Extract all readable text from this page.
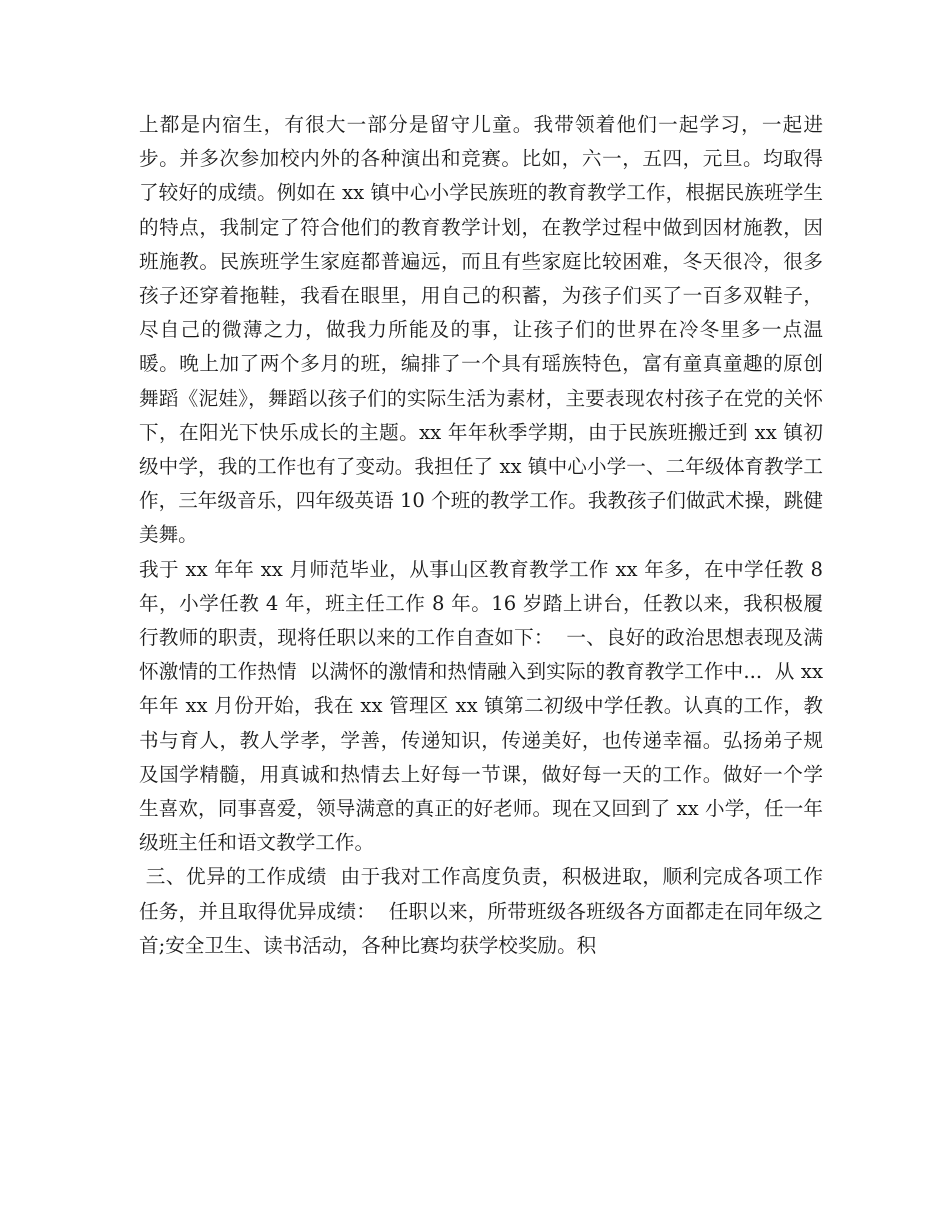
上都是内宿生，有很大一部分是留守儿童。我带领着他们一起学习，一起进步。并多次参加校内外的各种演出和竞赛。比如，六一，五四，元旦。均取得了较好的成绩。例如在 xx 镇中心小学民族班的教育教学工作，根据民族班学生的特点，我制定了符合他们的教育教学计划，在教学过程中做到因材施教，因班施教。民族班学生家庭都普遍远，而且有些家庭比较困难，冬天很冷，很多孩子还穿着拖鞋，我看在眼里，用自己的积蓄，为孩子们买了一百多双鞋子，尽自己的微薄之力，做我力所能及的事，让孩子们的世界在冷冬里多一点温暖。晚上加了两个多月的班，编排了一个具有瑶族特色，富有童真童趣的原创舞蹈《泥娃》，舞蹈以孩子们的实际生活为素材，主要表现农村孩子在党的关怀下，在阳光下快乐成长的主题。xx 年年秋季学期，由于民族班搬迁到 xx 镇初级中学，我的工作也有了变动。我担任了 xx 镇中心小学一、二年级体育教学工作，三年级音乐，四年级英语 10 个班的教学工作。我教孩子们做武术操，跳健美舞。

我于 xx 年年 xx 月师范毕业，从事山区教育教学工作 xx 年多，在中学任教 8 年，小学任教 4 年，班主任工作 8 年。16 岁踏上讲台，任教以来，我积极履行教师的职责，现将任职以来的工作自查如下：  一、良好的政治思想表现及满怀激情的工作热情  以满怀的激情和热情融入到实际的教育教学工作中...  从 xx 年年 xx 月份开始，我在 xx 管理区 xx 镇第二初级中学任教。认真的工作，教书与育人，教人学孝，学善，传递知识，传递美好，也传递幸福。弘扬弟子规及国学精髓，用真诚和热情去上好每一节课，做好每一天的工作。做好一个学生喜欢，同事喜爱，领导满意的真正的好老师。现在又回到了 xx 小学，任一年级班主任和语文教学工作。

三、优异的工作成绩  由于我对工作高度负责，积极进取，顺利完成各项工作任务，并且取得优异成绩：  任职以来，所带班级各班级各方面都走在同年级之首;安全卫生、读书活动，各种比赛均获学校奖励。积
